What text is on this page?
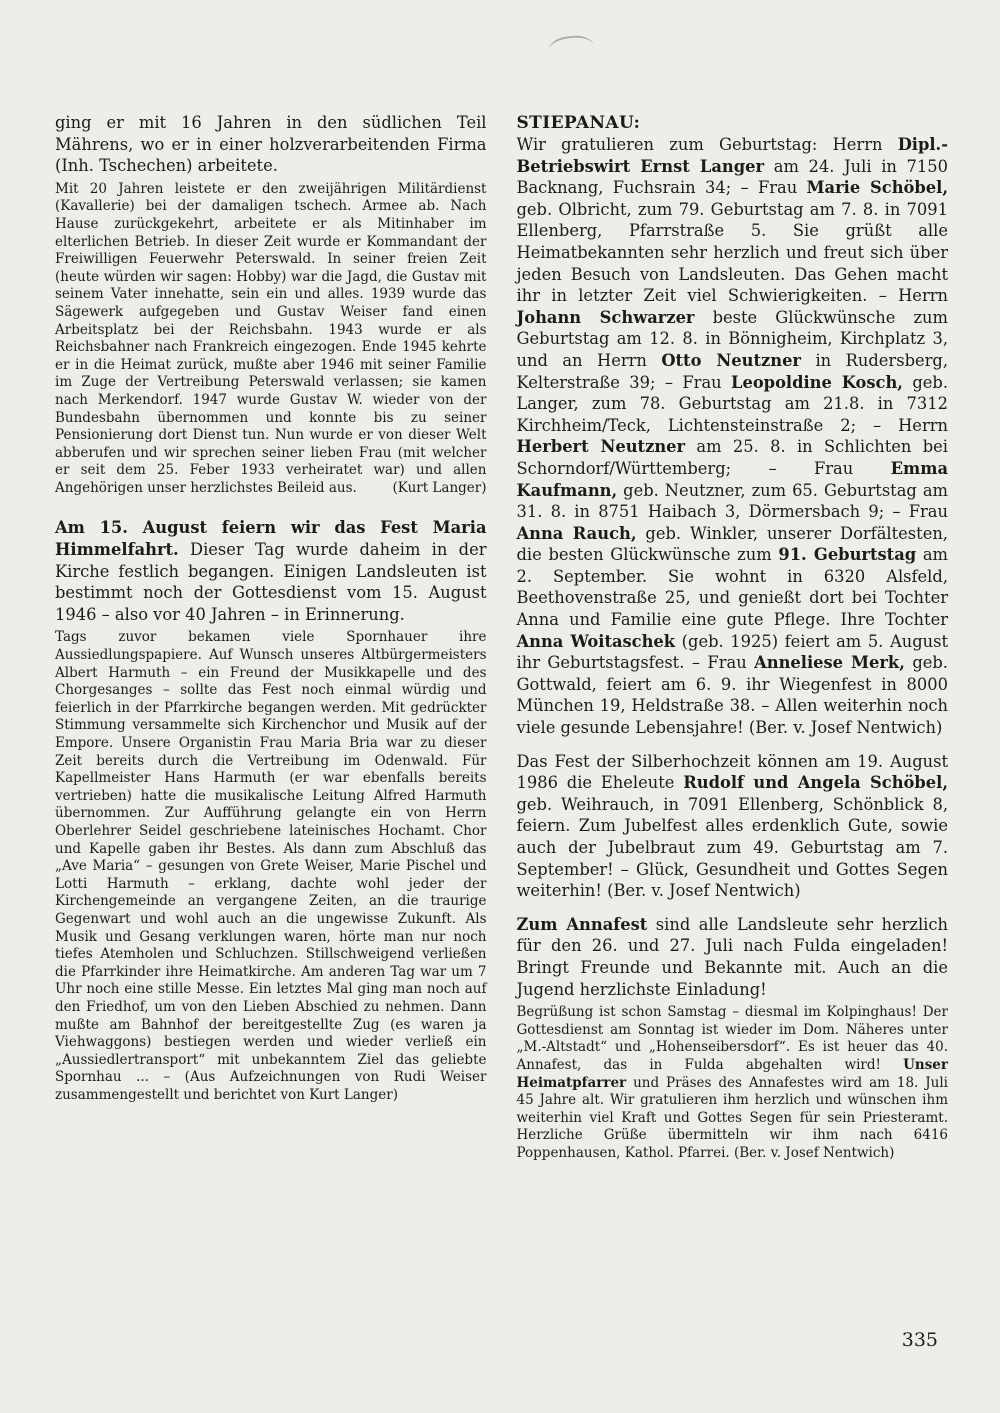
ging er mit 16 Jahren in den südlichen Teil Mährens, wo er in einer holzverarbeitenden Firma (Inh. Tschechen) arbeitete.

Mit 20 Jahren leistete er den zweijährigen Militärdienst (Kavallerie) bei der damaligen tschech. Armee ab. Nach Hause zurückgekehrt, arbeitete er als Mitinhaber im elterlichen Betrieb. In dieser Zeit wurde er Kommandant der Freiwilligen Feuerwehr Peterswald. In seiner freien Zeit (heute würden wir sagen: Hobby) war die Jagd, die Gustav mit seinem Vater innehatte, sein ein und alles. 1939 wurde das Sägewerk aufgegeben und Gustav Weiser fand einen Arbeitsplatz bei der Reichsbahn. 1943 wurde er als Reichsbahner nach Frankreich eingezogen. Ende 1945 kehrte er in die Heimat zurück, mußte aber 1946 mit seiner Familie im Zuge der Vertreibung Peterswald verlassen; sie kamen nach Merkendorf. 1947 wurde Gustav W. wieder von der Bundesbahn übernommen und konnte bis zu seiner Pensionierung dort Dienst tun. Nun wurde er von dieser Welt abberufen und wir sprechen seiner lieben Frau (mit welcher er seit dem 25. Feber 1933 verheiratet war) und allen Angehörigen unser herzlichstes Beileid aus.	(Kurt Langer)

Am 15. August feiern wir das Fest Maria Himmelfahrt. Dieser Tag wurde daheim in der Kirche festlich begangen. Einigen Landsleuten ist bestimmt noch der Gottesdienst vom 15. August 1946 – also vor 40 Jahren – in Erinnerung.

Tags zuvor bekamen viele Spornhauer ihre Aussiedlungspapiere. Auf Wunsch unseres Altbürgermeisters Albert Harmuth – ein Freund der Musikkapelle und des Chorgesanges – sollte das Fest noch einmal würdig und feierlich in der Pfarrkirche begangen werden. Mit gedrückter Stimmung versammelte sich Kirchenchor und Musik auf der Empore. Unsere Organistin Frau Maria Bria war zu dieser Zeit bereits durch die Vertreibung im Odenwald. Für Kapellmeister Hans Harmuth (er war ebenfalls bereits vertrieben) hatte die musikalische Leitung Alfred Harmuth übernommen. Zur Aufführung gelangte ein von Herrn Oberlehrer Seidel geschriebene lateinisches Hochamt. Chor und Kapelle gaben ihr Bestes. Als dann zum Abschluß das „Ave Maria“ – gesungen von Grete Weiser, Marie Pischel und Lotti Harmuth – erklang, dachte wohl jeder der Kirchengemeinde an vergangene Zeiten, an die traurige Gegenwart und wohl auch an die ungewisse Zukunft. Als Musik und Gesang verklungen waren, hörte man nur noch tiefes Atemholen und Schluchzen. Stillschweigend verließen die Pfarrkinder ihre Heimatkirche. Am anderen Tag war um 7 Uhr noch eine stille Messe. Ein letztes Mal ging man noch auf den Friedhof, um von den Lieben Abschied zu nehmen. Dann mußte am Bahnhof der bereitgestellte Zug (es waren ja Viehwaggons) bestiegen werden und wieder verließ ein „Aussiedlertransport“ mit unbekanntem Ziel das geliebte Spornhau ... – (Aus Aufzeichnungen von Rudi Weiser zusammengestellt und berichtet von Kurt Langer)

STIEPANAU:

Wir gratulieren zum Geburtstag: Herrn Dipl.-Betriebswirt Ernst Langer am 24. Juli in 7150 Backnang, Fuchsrain 34; – Frau Marie Schöbel, geb. Olbricht, zum 79. Geburtstag am 7. 8. in 7091 Ellenberg, Pfarrstraße 5. Sie grüßt alle Heimatbekannten sehr herzlich und freut sich über jeden Besuch von Landsleuten. Das Gehen macht ihr in letzter Zeit viel Schwierigkeiten. – Herrn Johann Schwarzer beste Glückwünsche zum Geburtstag am 12. 8. in Bönnigheim, Kirchplatz 3, und an Herrn Otto Neutzner in Rudersberg, Kelterstraße 39; – Frau Leopoldine Kosch, geb. Langer, zum 78. Geburtstag am 21.8. in 7312 Kirchheim/Teck, Lichtensteinstraße 2; – Herrn Herbert Neutzner am 25. 8. in Schlichten bei Schorndorf/Württemberg; – Frau Emma Kaufmann, geb. Neutzner, zum 65. Geburtstag am 31. 8. in 8751 Haibach 3, Dörmersbach 9; – Frau Anna Rauch, geb. Winkler, unserer Dorfältesten, die besten Glückwünsche zum 91. Geburtstag am 2. September. Sie wohnt in 6320 Alsfeld, Beethovenstraße 25, und genießt dort bei Tochter Anna und Familie eine gute Pflege. Ihre Tochter Anna Woitaschek (geb. 1925) feiert am 5. August ihr Geburtstagsfest. – Frau Anneliese Merk, geb. Gottwald, feiert am 6. 9. ihr Wiegenfest in 8000 München 19, Heldstraße 38. – Allen weiterhin noch viele gesunde Lebensjahre! (Ber. v. Josef Nentwich)

Das Fest der Silberhochzeit können am 19. August 1986 die Eheleute Rudolf und Angela Schöbel, geb. Weihrauch, in 7091 Ellenberg, Schönblick 8, feiern. Zum Jubelfest alles erdenklich Gute, sowie auch der Jubelbraut zum 49. Geburtstag am 7. September! – Glück, Gesundheit und Gottes Segen weiterhin! (Ber. v. Josef Nentwich)

Zum Annafest sind alle Landsleute sehr herzlich für den 26. und 27. Juli nach Fulda eingeladen! Bringt Freunde und Bekannte mit. Auch an die Jugend herzlichste Einladung!

Begrüßung ist schon Samstag – diesmal im Kolpinghaus! Der Gottesdienst am Sonntag ist wieder im Dom. Näheres unter „M.-Altstadt“ und „Hohenseibersdorf“. Es ist heuer das 40. Annafest, das in Fulda abgehalten wird! Unser Heimatpfarrer und Präses des Annafestes wird am 18. Juli 45 Jahre alt. Wir gratulieren ihm herzlich und wünschen ihm weiterhin viel Kraft und Gottes Segen für sein Priesteramt. Herzliche Grüße übermitteln wir ihm nach 6416 Poppenhausen, Kathol. Pfarrei. (Ber. v. Josef Nentwich)

335
